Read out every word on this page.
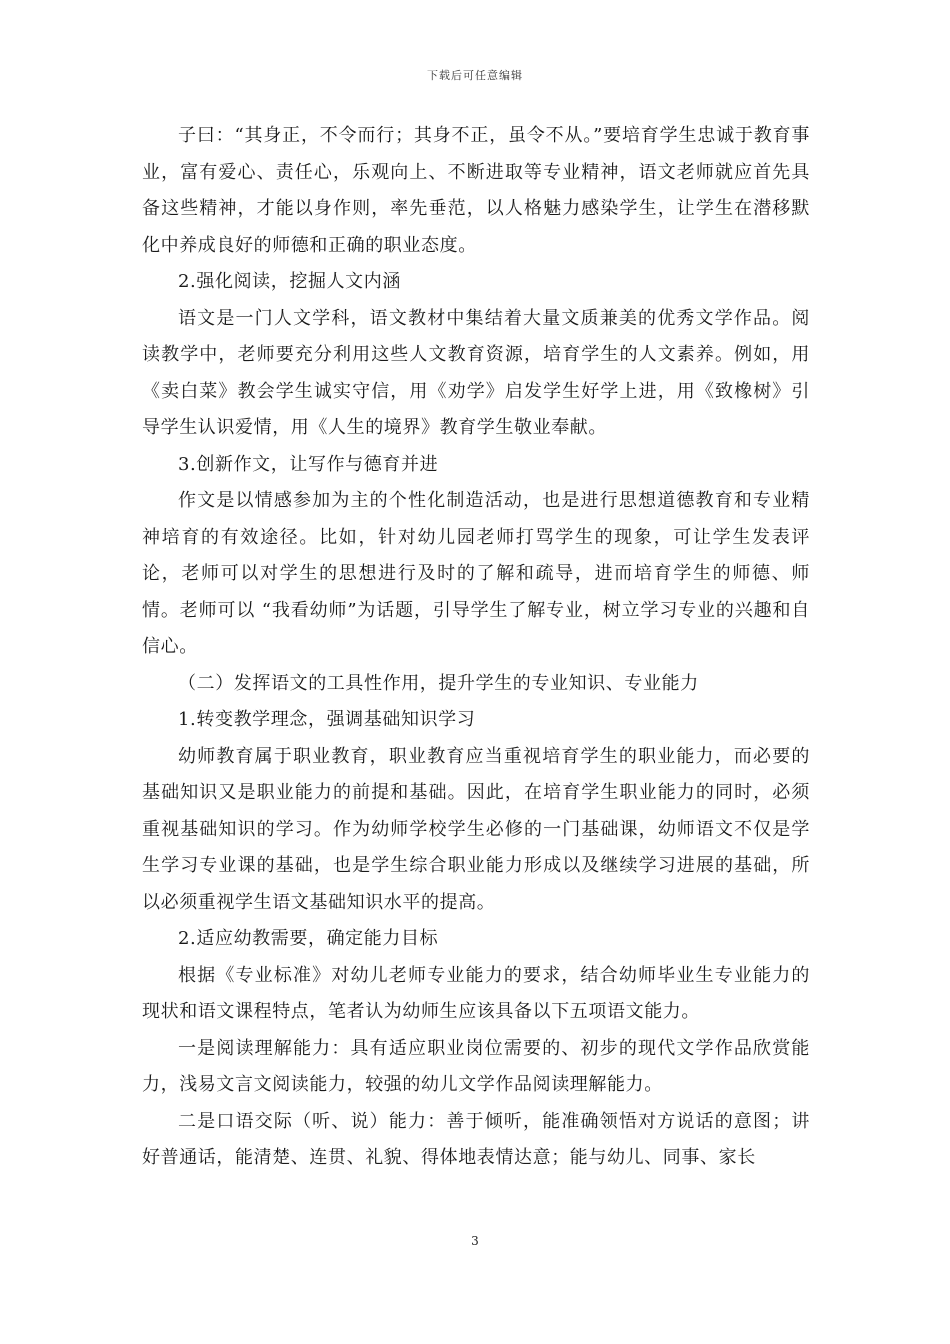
下载后可任意编辑

子曰：“其身正，不令而行；其身不正，虽令不从。”要培育学生忠诚于教育事业，富有爱心、责任心，乐观向上、不断进取等专业精神，语文老师就应首先具备这些精神，才能以身作则，率先垂范，以人格魅力感染学生，让学生在潜移默化中养成良好的师德和正确的职业态度。

2.强化阅读，挖掘人文内涵

语文是一门人文学科，语文教材中集结着大量文质兼美的优秀文学作品。阅读教学中，老师要充分利用这些人文教育资源，培育学生的人文素养。例如，用《卖白菜》教会学生诚实守信，用《劝学》启发学生好学上进，用《致橡树》引导学生认识爱情，用《人生的境界》教育学生敬业奉献。

3.创新作文，让写作与德育并进

作文是以情感参加为主的个性化制造活动，也是进行思想道德教育和专业精神培育的有效途径。比如，针对幼儿园老师打骂学生的现象，可让学生发表评论，老师可以对学生的思想进行及时的了解和疏导，进而培育学生的师德、师情。老师可以 “我看幼师”为话题，引导学生了解专业，树立学习专业的兴趣和自信心。

（二）发挥语文的工具性作用，提升学生的专业知识、专业能力

1.转变教学理念，强调基础知识学习

幼师教育属于职业教育，职业教育应当重视培育学生的职业能力，而必要的基础知识又是职业能力的前提和基础。因此，在培育学生职业能力的同时，必须重视基础知识的学习。作为幼师学校学生必修的一门基础课，幼师语文不仅是学生学习专业课的基础，也是学生综合职业能力形成以及继续学习进展的基础，所以必须重视学生语文基础知识水平的提高。

2.适应幼教需要，确定能力目标

根据《专业标准》对幼儿老师专业能力的要求，结合幼师毕业生专业能力的现状和语文课程特点，笔者认为幼师生应该具备以下五项语文能力。

一是阅读理解能力：具有适应职业岗位需要的、初步的现代文学作品欣赏能力，浅易文言文阅读能力，较强的幼儿文学作品阅读理解能力。

二是口语交际（听、说）能力：善于倾听，能准确领悟对方说话的意图；讲好普通话，能清楚、连贯、礼貌、得体地表情达意；能与幼儿、同事、家长

3
